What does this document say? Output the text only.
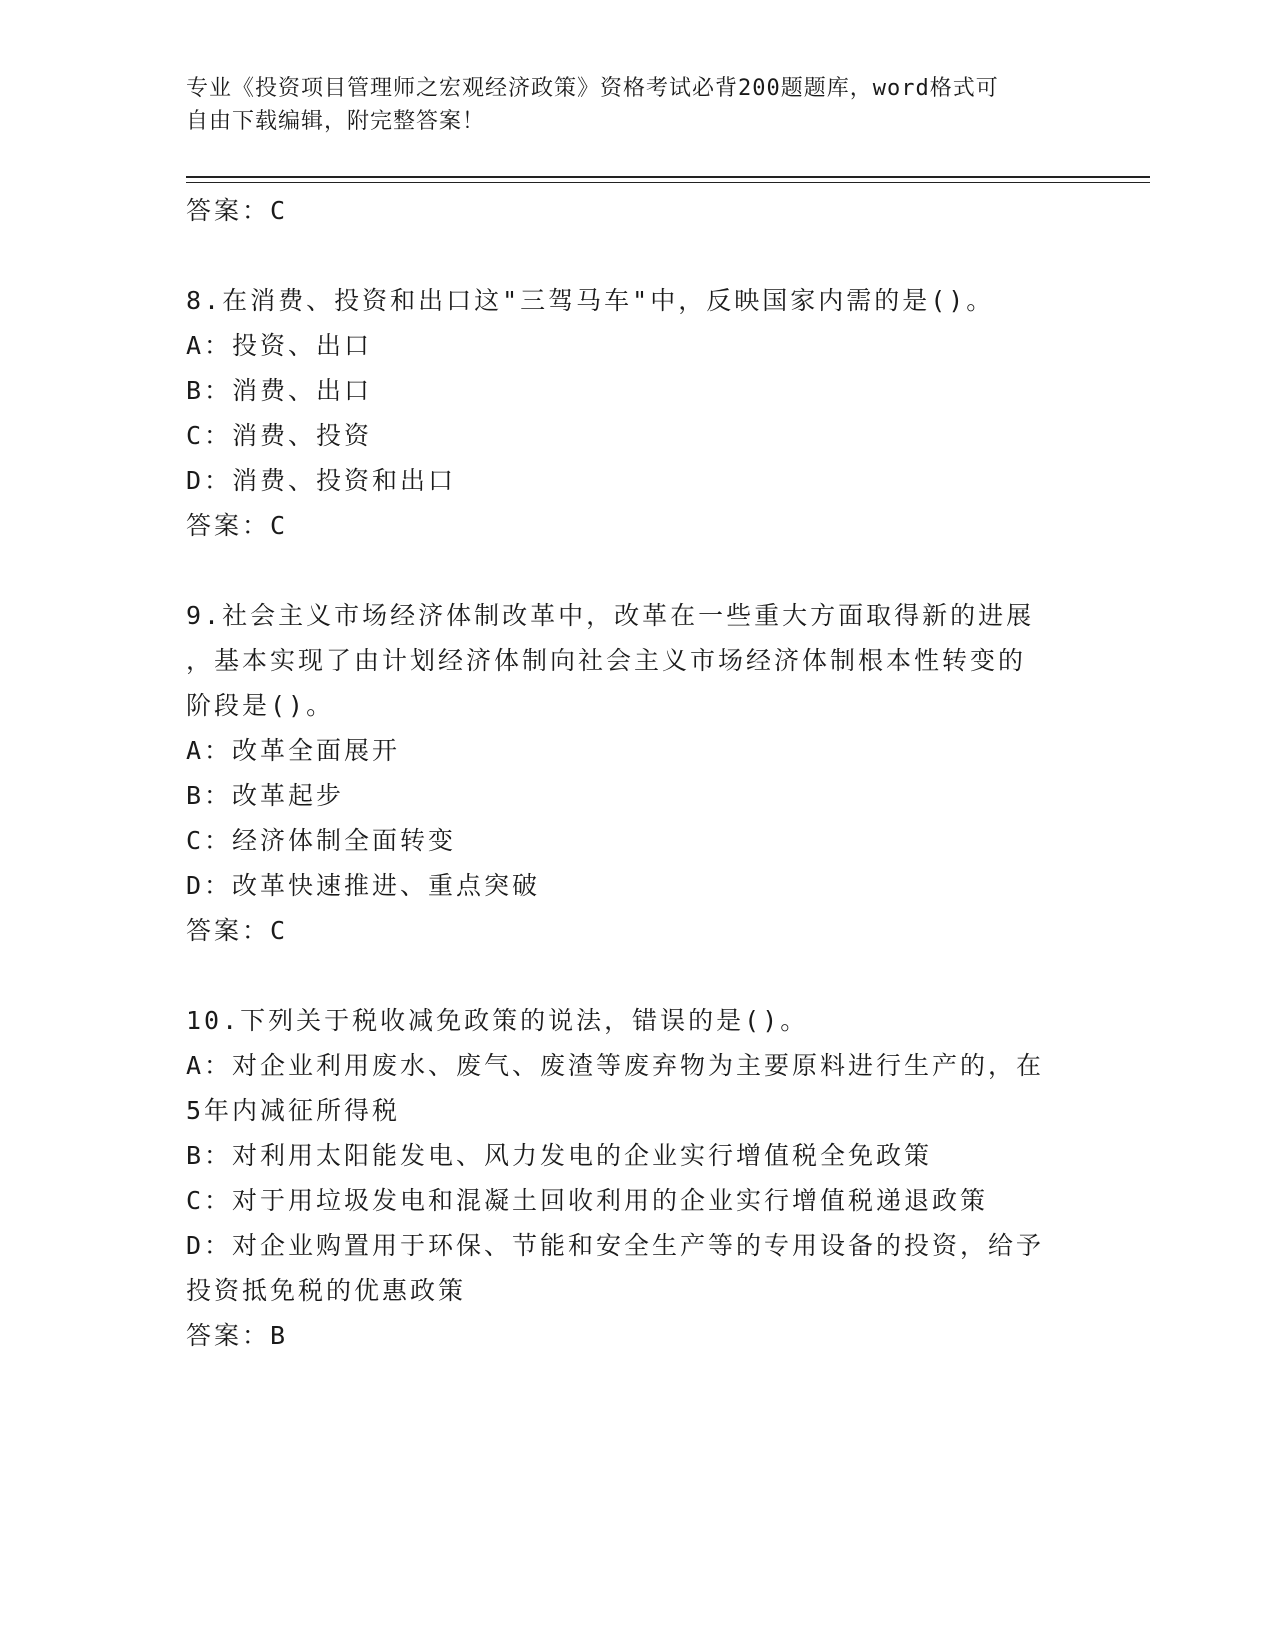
专业《投资项目管理师之宏观经济政策》资格考试必背200题题库，word格式可
自由下载编辑，附完整答案！
答案：C
8.在消费、投资和出口这"三驾马车"中，反映国家内需的是()。
A：投资、出口
B：消费、出口
C：消费、投资
D：消费、投资和出口
答案：C
9.社会主义市场经济体制改革中，改革在一些重大方面取得新的进展
，基本实现了由计划经济体制向社会主义市场经济体制根本性转变的
阶段是()。
A：改革全面展开
B：改革起步
C：经济体制全面转变
D：改革快速推进、重点突破
答案：C
10.下列关于税收减免政策的说法，错误的是()。
A：对企业利用废水、废气、废渣等废弃物为主要原料进行生产的，在
5年内减征所得税
B：对利用太阳能发电、风力发电的企业实行增值税全免政策
C：对于用垃圾发电和混凝土回收利用的企业实行增值税递退政策
D：对企业购置用于环保、节能和安全生产等的专用设备的投资，给予
投资抵免税的优惠政策
答案：B
